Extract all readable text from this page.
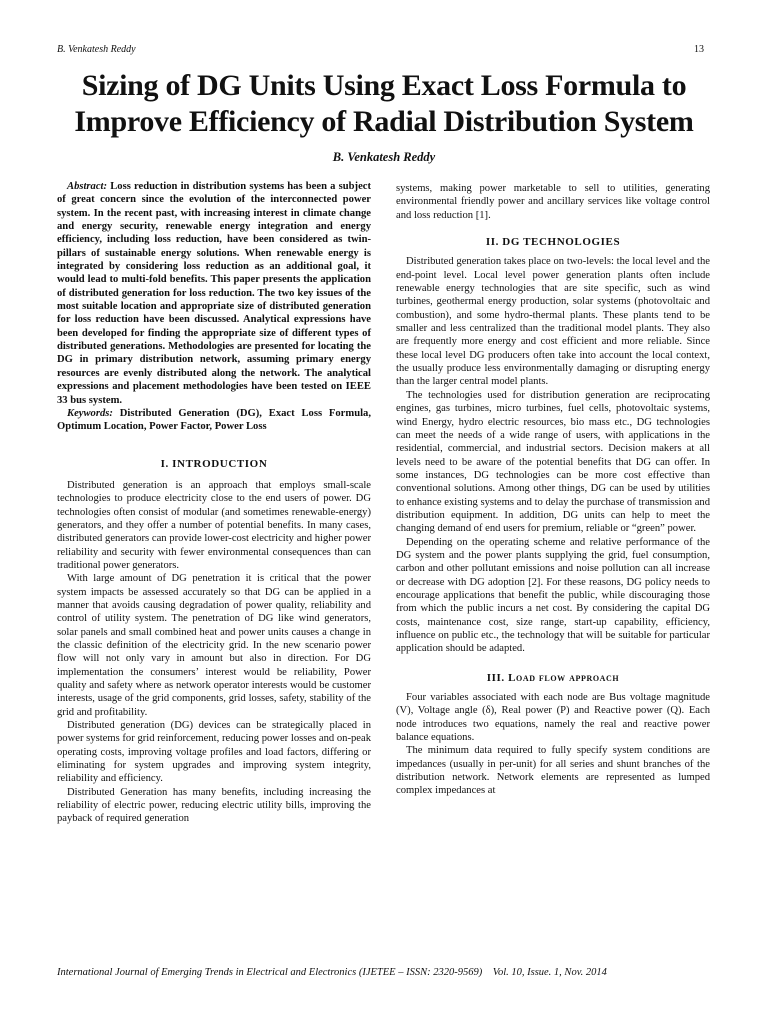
B. Venkatesh Reddy	13
Sizing of DG Units Using Exact Loss Formula to
Improve Efficiency of Radial Distribution System
B. Venkatesh Reddy

Abstract: Loss reduction in distribution systems has been a subject of great concern since the evolution of the interconnected power system. In the recent past, with increasing interest in climate change and energy security, renewable energy integration and energy efficiency, including loss reduction, have been considered as twin-pillars of sustainable energy solutions. When renewable energy is integrated by considering loss reduction as an additional goal, it would lead to multi-fold benefits. This paper presents the application of distributed generation for loss reduction. The two key issues of the most suitable location and appropriate size of distributed generation for loss reduction have been discussed. Analytical expressions have been developed for finding the appropriate size of different types of distributed generations. Methodologies are presented for locating the DG in primary distribution network, assuming primary energy resources are evenly distributed along the network. The analytical expressions and placement methodologies have been tested on IEEE 33 bus system.

Keywords: Distributed Generation (DG), Exact Loss Formula, Optimum Location, Power Factor, Power Loss

I. INTRODUCTION

Distributed generation is an approach that employs small-scale technologies to produce electricity close to the end users of power. DG technologies often consist of modular (and sometimes renewable-energy) generators, and they offer a number of potential benefits. In many cases, distributed generators can provide lower-cost electricity and higher power reliability and security with fewer environmental consequences than can traditional power generators.

With large amount of DG penetration it is critical that the power system impacts be assessed accurately so that DG can be applied in a manner that avoids causing degradation of power quality, reliability and control of utility system. The penetration of DG like wind generators, solar panels and small combined heat and power units causes a change in the classic definition of the electricity grid. In the new scenario power flow will not only vary in amount but also in direction. For DG implementation the consumers’ interest would be reliability, Power quality and safety where as network operator interests would be customer interests, usage of the grid components, grid losses, safety, stability of the grid and profitability.

Distributed generation (DG) devices can be strategically placed in power systems for grid reinforcement, reducing power losses and on-peak operating costs, improving voltage profiles and load factors, differing or eliminating for system upgrades and improving system integrity, reliability and efficiency.

Distributed Generation has many benefits, including increasing the reliability of electric power, reducing electric utility bills, improving the payback of required generation

systems, making power marketable to sell to utilities, generating environmental friendly power and ancillary services like voltage control and loss reduction [1].

II. DG TECHNOLOGIES

Distributed generation takes place on two-levels: the local level and the end-point level. Local level power generation plants often include renewable energy technologies that are site specific, such as wind turbines, geothermal energy production, solar systems (photovoltaic and combustion), and some hydro-thermal plants. These plants tend to be smaller and less centralized than the traditional model plants. They also are frequently more energy and cost efficient and more reliable. Since these local level DG producers often take into account the local context, the usually produce less environmentally damaging or disrupting energy than the larger central model plants.

The technologies used for distribution generation are reciprocating engines, gas turbines, micro turbines, fuel cells, photovoltaic systems, wind Energy, hydro electric resources, bio mass etc., DG technologies can meet the needs of a wide range of users, with applications in the residential, commercial, and industrial sectors. Decision makers at all levels need to be aware of the potential benefits that DG can offer. In some instances, DG technologies can be more cost effective than conventional solutions. Among other things, DG can be used by utilities to enhance existing systems and to delay the purchase of transmission and distribution equipment. In addition, DG units can help to meet the changing demand of end users for premium, reliable or “green” power.

Depending on the operating scheme and relative performance of the DG system and the power plants supplying the grid, fuel consumption, carbon and other pollutant emissions and noise pollution can all increase or decrease with DG adoption [2]. For these reasons, DG policy needs to encourage applications that benefit the public, while discouraging those from which the public incurs a net cost. By considering the capital DG costs, maintenance cost, size range, start-up capability, efficiency, influence on public etc., the technology that will be suitable for particular application should be adapted.

III. Load flow approach

Four variables associated with each node are Bus voltage magnitude (V), Voltage angle (δ), Real power (P) and Reactive power (Q). Each node introduces two equations, namely the real and reactive power balance equations.

The minimum data required to fully specify system conditions are impedances (usually in per-unit) for all series and shunt branches of the distribution network. Network elements are represented as lumped complex impedances at

International Journal of Emerging Trends in Electrical and Electronics (IJETEE – ISSN: 2320-9569)    Vol. 10, Issue. 1, Nov. 2014
